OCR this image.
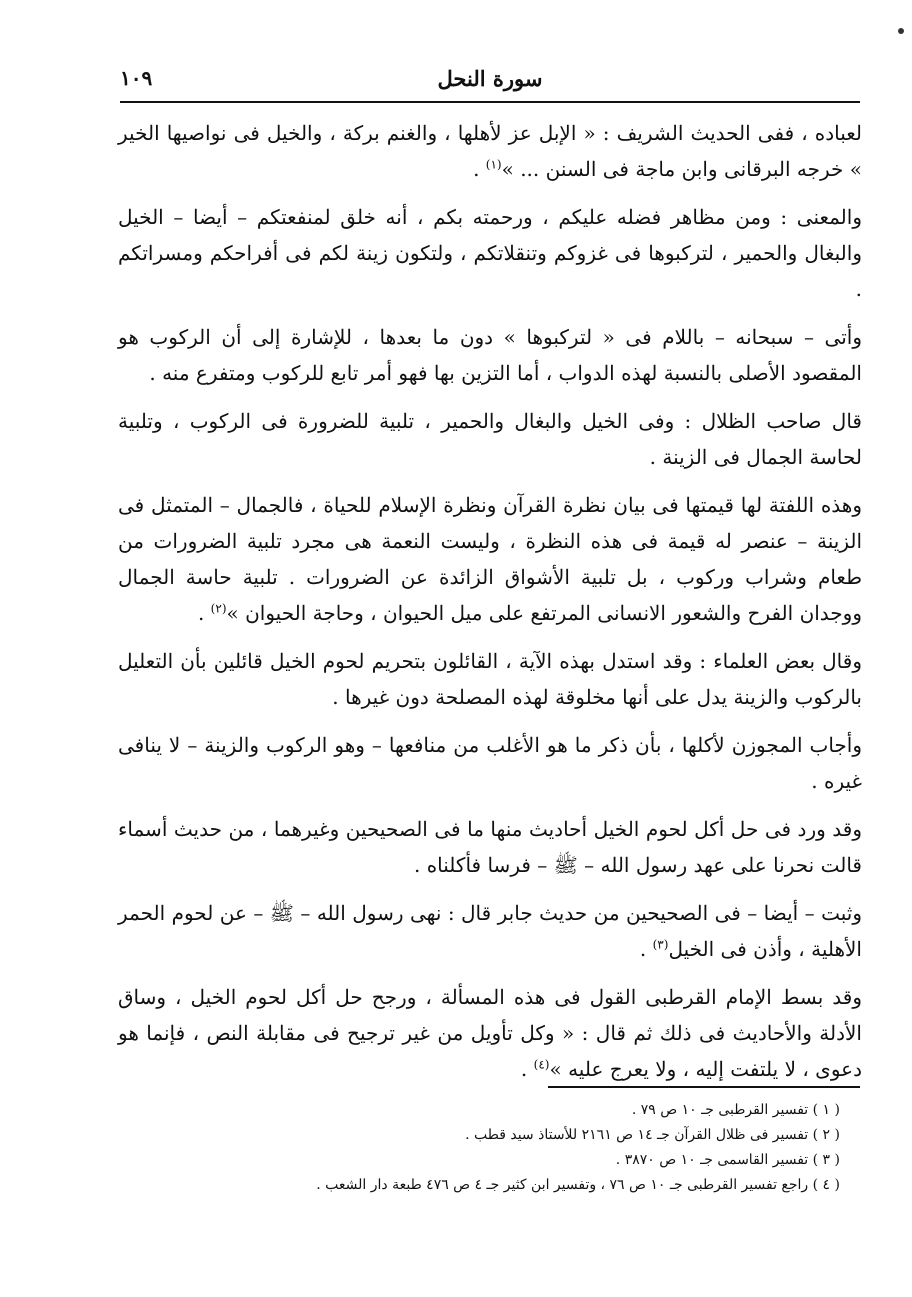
سورة النحل
١٠٩

لعباده ، ففى الحديث الشريف : « الإبل عز لأهلها ، والغنم بركة ، والخيل فى نواصيها الخير » خرجه البرقانى وابن ماجة فى السنن ... »$^{(١)}$ .

والمعنى : ومن مظاهر فضله عليكم ، ورحمته بكم ، أنه خلق لمنفعتكم – أيضا – الخيل والبغال والحمير ، لتركبوها فى غزوكم وتنقلاتكم ، ولتكون زينة لكم فى أفراحكم ومسراتكم .

وأتى – سبحانه – باللام فى « لتركبوها » دون ما بعدها ، للإشارة إلى أن الركوب هو المقصود الأصلى بالنسبة لهذه الدواب ، أما التزين بها فهو أمر تابع للركوب ومتفرع منه .

قال صاحب الظلال : وفى الخيل والبغال والحمير ، تلبية للضرورة فى الركوب ، وتلبية لحاسة الجمال فى الزينة .

وهذه اللفتة لها قيمتها فى بيان نظرة القرآن ونظرة الإسلام للحياة ، فالجمال – المتمثل فى الزينة – عنصر له قيمة فى هذه النظرة ، وليست النعمة هى مجرد تلبية الضرورات من طعام وشراب وركوب ، بل تلبية الأشواق الزائدة عن الضرورات . تلبية حاسة الجمال ووجدان الفرح والشعور الانسانى المرتفع على ميل الحيوان ، وحاجة الحيوان »$^{(٢)}$ .

وقال بعض العلماء : وقد استدل بهذه الآية ، القائلون بتحريم لحوم الخيل قائلين بأن التعليل بالركوب والزينة يدل على أنها مخلوقة لهذه المصلحة دون غيرها .

وأجاب المجوزن لأكلها ، بأن ذكر ما هو الأغلب من منافعها – وهو الركوب والزينة – لا ينافى غيره .

وقد ورد فى حل أكل لحوم الخيل أحاديث منها ما فى الصحيحين وغيرهما ، من حديث أسماء قالت نحرنا على عهد رسول الله – ﷺ – فرسا فأكلناه .

وثبت – أيضا – فى الصحيحين من حديث جابر قال : نهى رسول الله – ﷺ – عن لحوم الحمر الأهلية ، وأذن فى الخيل$^{(٣)}$ .

وقد بسط الإمام القرطبى القول فى هذه المسألة ، ورجح حل أكل لحوم الخيل ، وساق الأدلة والأحاديث فى ذلك ثم قال : « وكل تأويل من غير ترجيح فى مقابلة النص ، فإنما هو دعوى ، لا يلتفت إليه ، ولا يعرج عليه »$^{(٤)}$ .

( ١ ) تفسير القرطبى جـ ١٠ ص ٧٩ .
( ٢ ) تفسير فى ظلال القرآن جـ ١٤ ص ٢١٦١ للأستاذ سيد قطب .
( ٣ ) تفسير القاسمى جـ ١٠ ص ٣٨٧٠ .
( ٤ ) راجع تفسير القرطبى جـ ١٠ ص ٧٦ ، وتفسير ابن كثير جـ ٤ ص ٤٧٦ طبعة دار الشعب .
